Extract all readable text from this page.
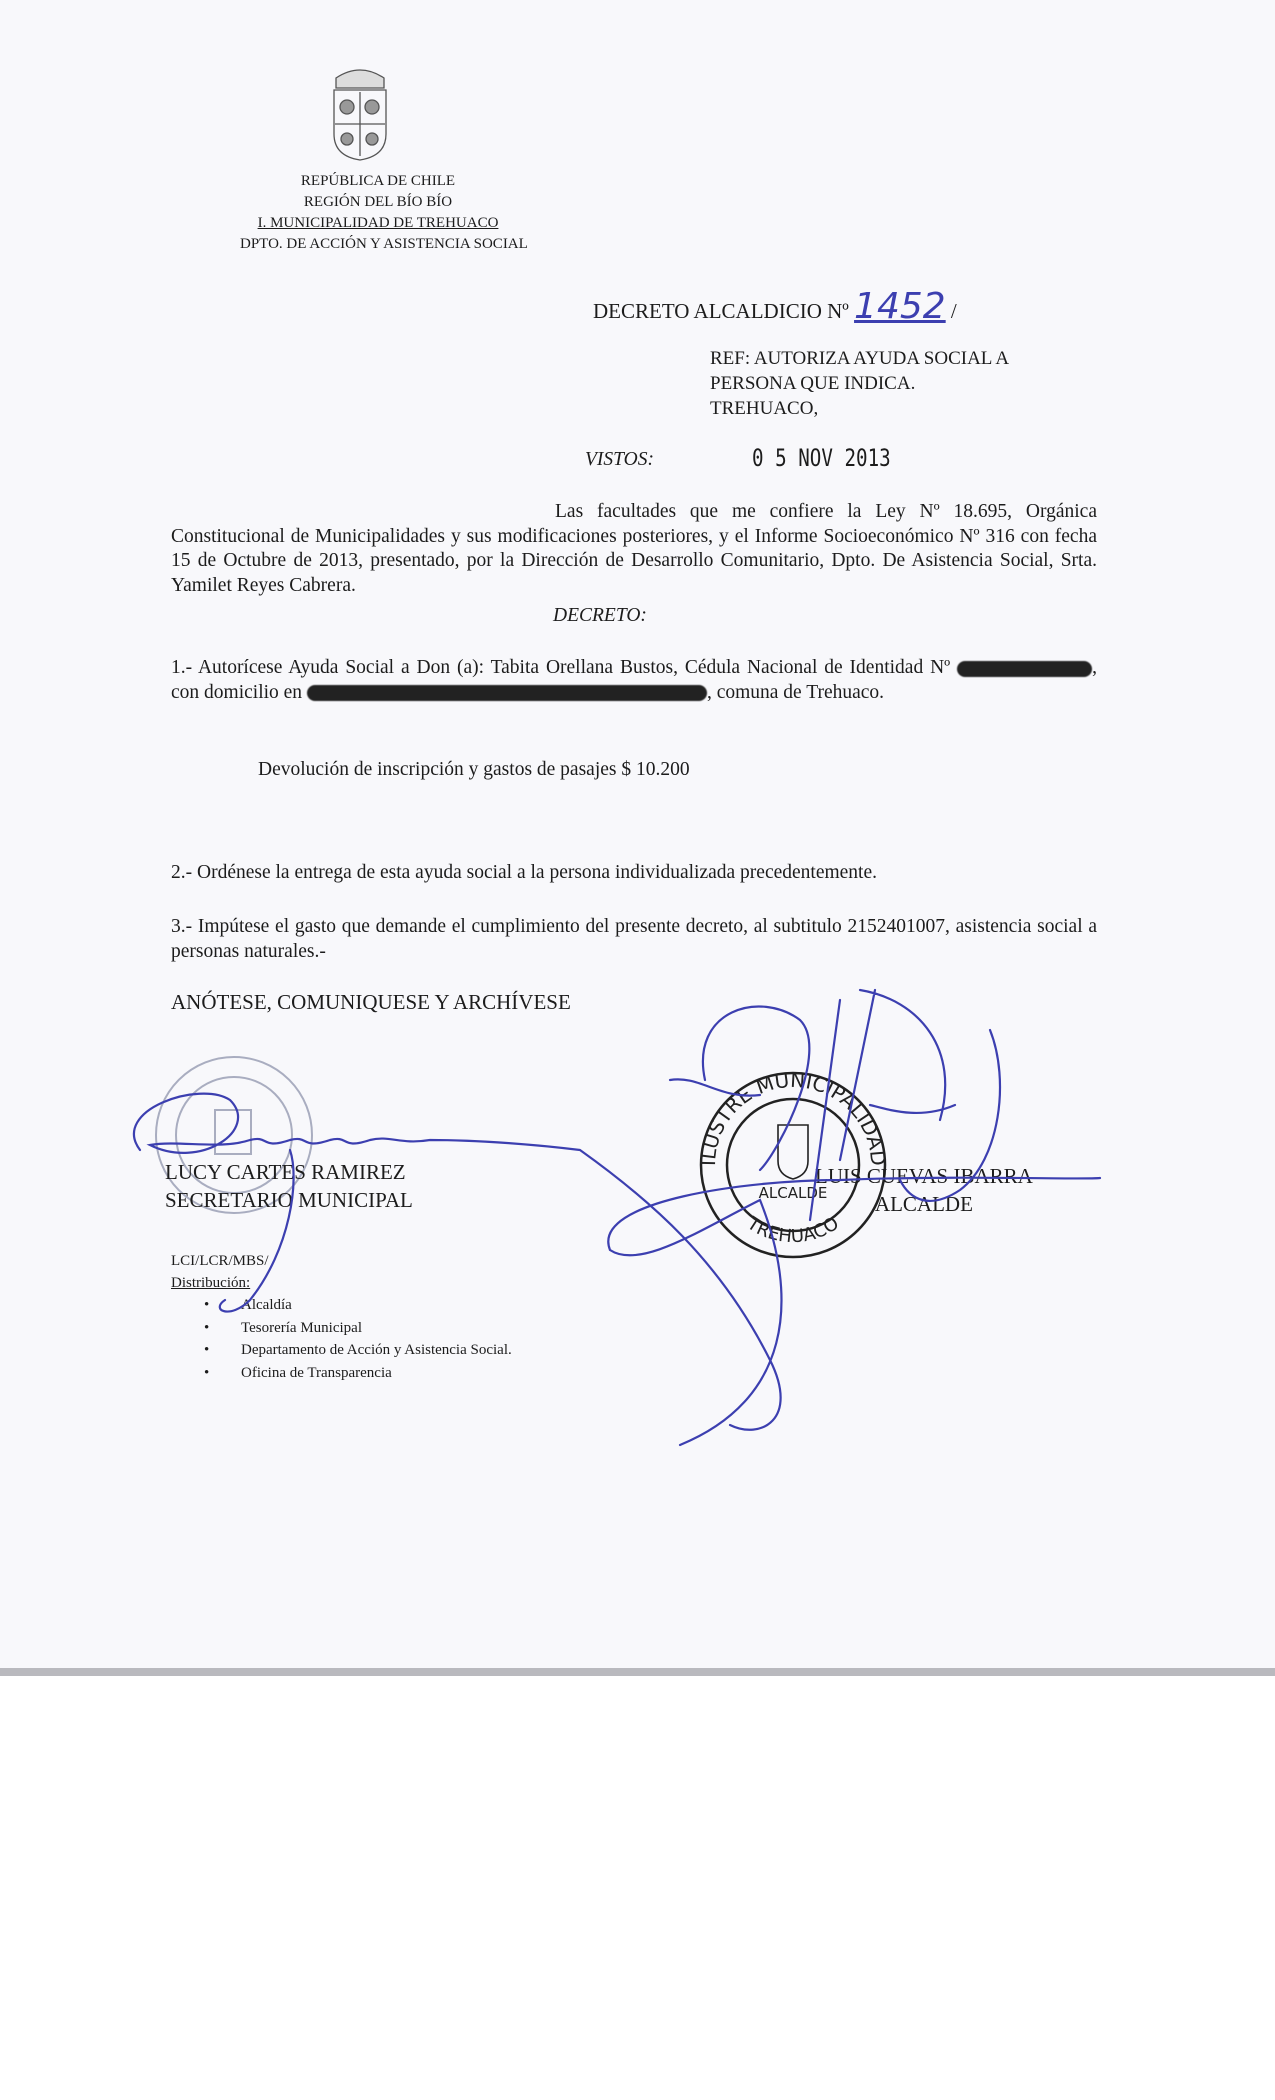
ALCALDE
ILUSTRE MUNICIPALIDAD
TREHUACO
REPÚBLICA DE CHILE
REGIÓN DEL BÍO BÍO
I. MUNICIPALIDAD DE TREHUACO
DPTO. DE ACCIÓN Y ASISTENCIA SOCIAL
DECRETO ALCALDICIO Nº 1452 /
REF: AUTORIZA AYUDA SOCIAL A
PERSONA QUE INDICA.
TREHUACO,
VISTOS:	0 5 NOV 2013
Las facultades que me confiere la Ley Nº 18.695, Orgánica Constitucional de Municipalidades y sus modificaciones posteriores, y el Informe Socioeconómico Nº 316 con fecha 15 de Octubre de 2013, presentado, por la Dirección de Desarrollo Comunitario, Dpto. De Asistencia Social, Srta. Yamilet Reyes Cabrera.
DECRETO:
1.- Autorícese Ayuda Social a Don (a): Tabita Orellana Bustos, Cédula Nacional de Identidad Nº	, con domicilio en	, comuna de Trehuaco.
Devolución de inscripción y gastos de pasajes $ 10.200
2.- Ordénese la entrega de esta ayuda social a la persona individualizada precedentemente.
3.- Impútese el gasto que demande el cumplimiento del presente decreto, al subtitulo 2152401007, asistencia social a personas naturales.-
ANÓTESE, COMUNIQUESE Y ARCHÍVESE
LUCY CARTES RAMIREZ
SECRETARIO MUNICIPAL
LUIS CUEVAS IBARRA
ALCALDE
LCI/LCR/MBS/
Distribución:
• Alcaldía
• Tesorería Municipal
• Departamento de Acción y Asistencia Social.
• Oficina de Transparencia
